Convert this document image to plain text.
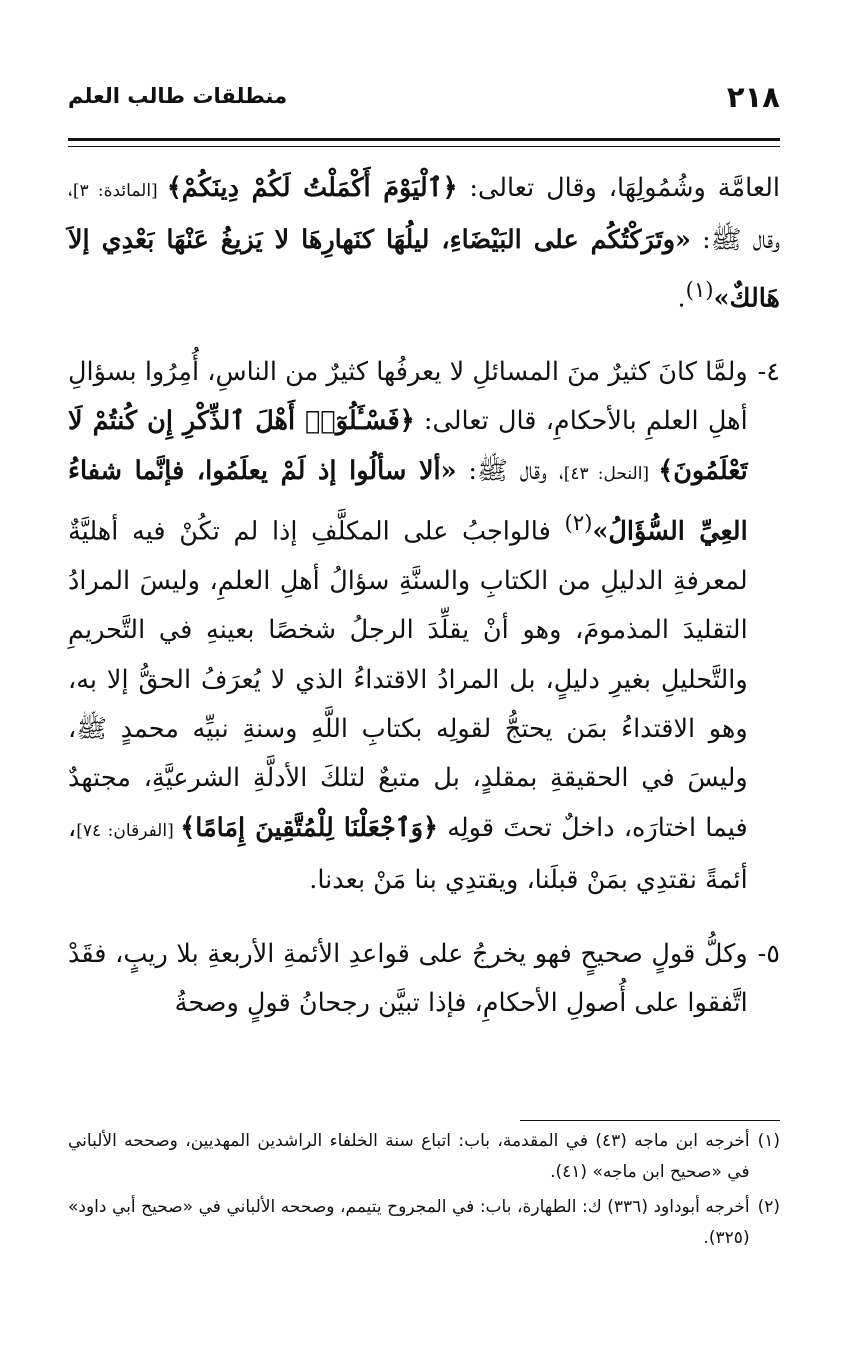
٢١٨
منطلقات طالب العلم

العامَّة وشُمُولِهَا، وقال تعالى: ﴿ٱلْيَوْمَ أَكْمَلْتُ لَكُمْ دِينَكُمْ﴾ [المائدة: ٣]، وقال ﷺ: «وتَرَكْتُكُم على البَيْضَاءِ، ليلُهَا كنَهارِهَا لا يَزيغُ عَنْهَا بَعْدِي إلاَ هَالكٌ»$^{(١)}$.

٤-

ولمَّا كانَ كثيرٌ منَ المسائلِ لا يعرفُها كثيرٌ من الناسِ، أُمِرُوا بسؤالِ أهلِ العلمِ بالأحكامِ، قال تعالى: ﴿فَسْـَٔلُوٓا۟ أَهْلَ ٱلذِّكْرِ إِن كُنتُمْ لَا تَعْلَمُونَ﴾ [النحل: ٤٣]، وقال ﷺ: «ألا سألُوا إذ لَمْ يعلَمُوا، فإنَّما شفاءُ العِيِّ السُّؤَالُ»$^{(٢)}$ فالواجبُ على المكلَّفِ إذا لم تكُنْ فيه أهليَّةٌ لمعرفةِ الدليلِ من الكتابِ والسنَّةِ سؤالُ أهلِ العلمِ، وليسَ المرادُ التقليدَ المذمومَ، وهو أنْ يقلِّدَ الرجلُ شخصًا بعينهِ في التَّحريمِ والتَّحليلِ بغيرِ دليلٍ، بل المرادُ الاقتداءُ الذي لا يُعرَفُ الحقُّ إلا به، وهو الاقتداءُ بمَن يحتجُّ لقولِه بكتابِ اللَّهِ وسنةِ نبيِّه محمدٍ ﷺ، وليسَ في الحقيقةِ بمقلدٍ، بل متبعٌ لتلكَ الأدلَّةِ الشرعيَّةِ، مجتهدٌ فيما اختارَه، داخلٌ تحتَ قولِه ﴿وَٱجْعَلْنَا لِلْمُتَّقِينَ إِمَامًا﴾ [الفرقان: ٧٤]، أئمةً نقتدِي بمَنْ قبلَنا، ويقتدِي بنا مَنْ بعدنا.

٥-

وكلُّ قولٍ صحيحٍ فهو يخرجُ على قواعدِ الأئمةِ الأربعةِ بلا ريبٍ، فقَدْ اتَّفقوا على أُصولِ الأحكامِ، فإذا تبيَّن رجحانُ قولٍ وصحةُ

(١)
أخرجه ابن ماجه (٤٣) في المقدمة، باب: اتباع سنة الخلفاء الراشدين المهديين، وصححه الألباني في «صحيح ابن ماجه» (٤١).
(٢)
أخرجه أبوداود (٣٣٦) ك: الطهارة، باب: في المجروح يتيمم، وصححه الألباني في «صحيح أبي داود» (٣٢٥).
